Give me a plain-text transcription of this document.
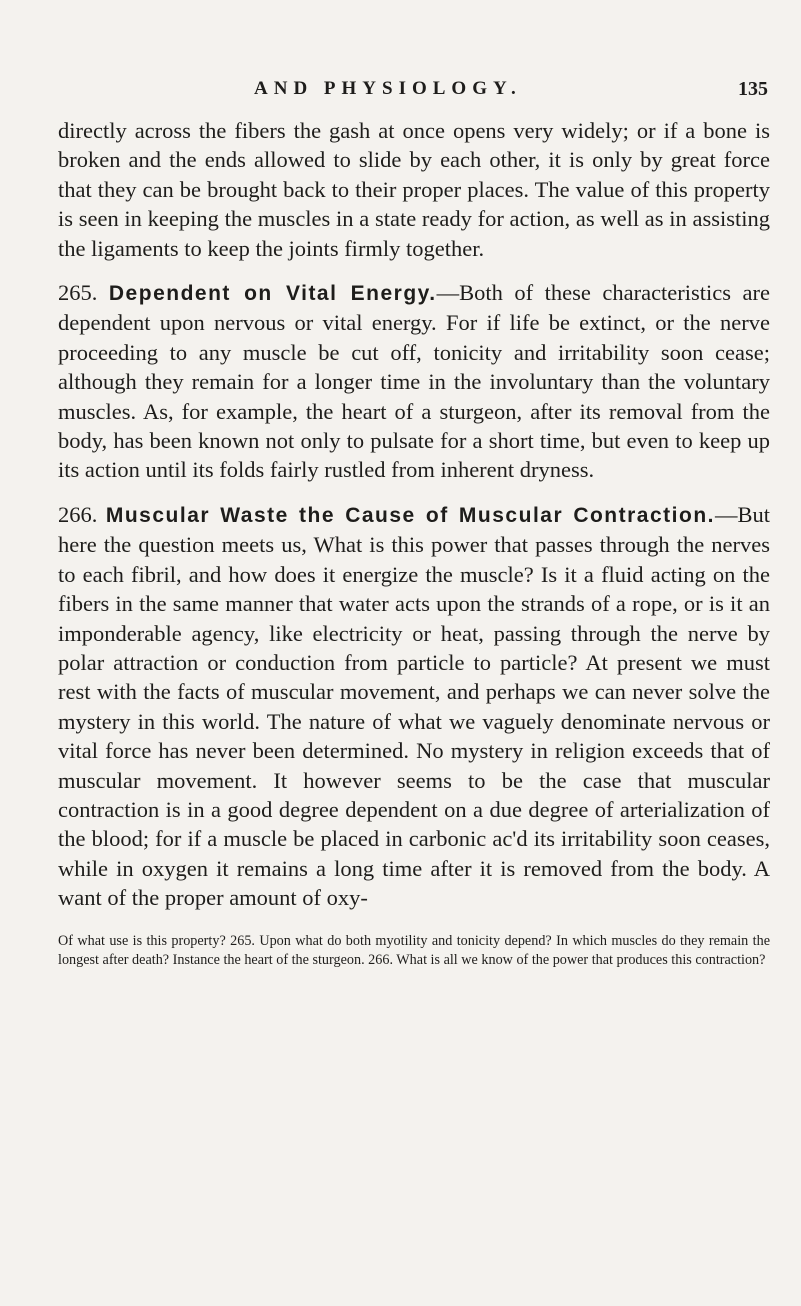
AND PHYSIOLOGY.	135

directly across the fibers the gash at once opens very widely; or if a bone is broken and the ends allowed to slide by each other, it is only by great force that they can be brought back to their proper places. The value of this property is seen in keeping the muscles in a state ready for action, as well as in assisting the ligaments to keep the joints firmly together.

265. Dependent on Vital Energy.—Both of these characteristics are dependent upon nervous or vital energy. For if life be extinct, or the nerve proceeding to any muscle be cut off, tonicity and irritability soon cease; although they remain for a longer time in the involuntary than the voluntary muscles. As, for example, the heart of a sturgeon, after its removal from the body, has been known not only to pulsate for a short time, but even to keep up its action until its folds fairly rustled from inherent dryness.

266. Muscular Waste the Cause of Muscular Contraction.—But here the question meets us, What is this power that passes through the nerves to each fibril, and how does it energize the muscle? Is it a fluid acting on the fibers in the same manner that water acts upon the strands of a rope, or is it an imponderable agency, like electricity or heat, passing through the nerve by polar attraction or conduction from particle to particle? At present we must rest with the facts of muscular movement, and perhaps we can never solve the mystery in this world. The nature of what we vaguely denominate nervous or vital force has never been determined. No mystery in religion exceeds that of muscular movement. It however seems to be the case that muscular contraction is in a good degree dependent on a due degree of arterialization of the blood; for if a muscle be placed in carbonic ac'd its irritability soon ceases, while in oxygen it remains a long time after it is removed from the body. A want of the proper amount of oxy-

Of what use is this property? 265. Upon what do both myotility and tonicity depend? In which muscles do they remain the longest after death? Instance the heart of the sturgeon. 266. What is all we know of the power that produces this contraction?
